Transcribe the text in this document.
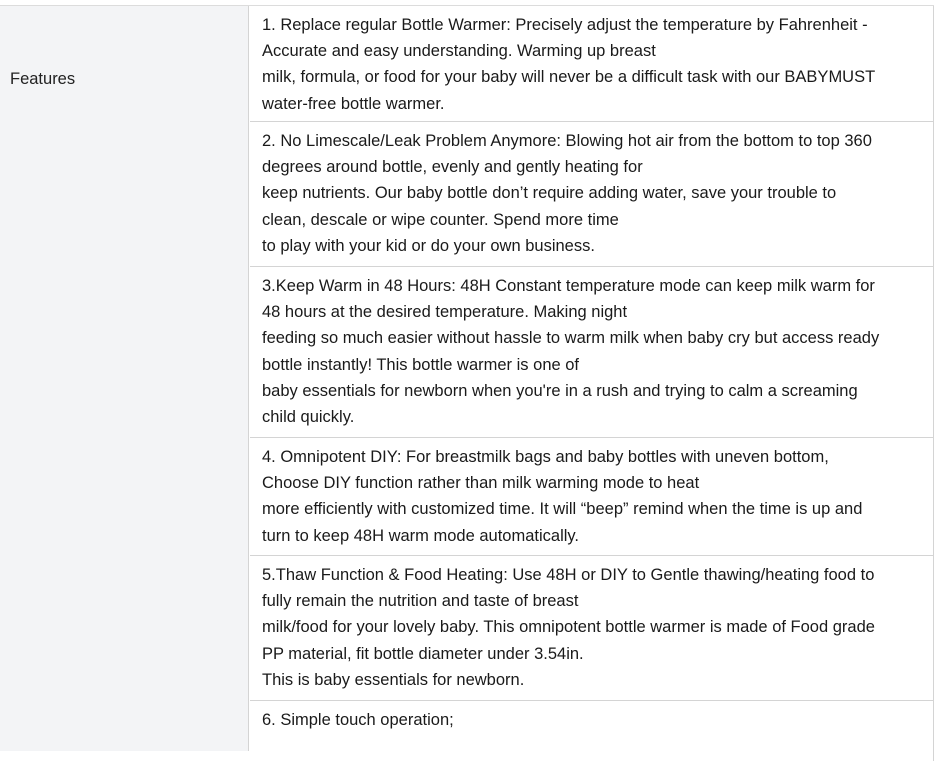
Features
1. Replace regular Bottle Warmer: Precisely adjust the temperature by Fahrenheit -
Accurate and easy understanding. Warming up breast
milk, formula, or food for your baby will never be a difficult task with our BABYMUST
water-free bottle warmer.
2. No Limescale/Leak Problem Anymore: Blowing hot air from the bottom to top 360
degrees around bottle, evenly and gently heating for
keep nutrients. Our baby bottle don’t require adding water, save your trouble to
clean, descale or wipe counter. Spend more time
to play with your kid or do your own business.
3.Keep Warm in 48 Hours: 48H Constant temperature mode can keep milk warm for
48 hours at the desired temperature. Making night
feeding so much easier without hassle to warm milk when baby cry but access ready
bottle instantly! This bottle warmer is one of
baby essentials for newborn when you're in a rush and trying to calm a screaming
child quickly.
4. Omnipotent DIY: For breastmilk bags and baby bottles with uneven bottom,
Choose DIY function rather than milk warming mode to heat
more efficiently with customized time. It will “beep” remind when the time is up and
turn to keep 48H warm mode automatically.
5.Thaw Function & Food Heating: Use 48H or DIY to Gentle thawing/heating food to
fully remain the nutrition and taste of breast
milk/food for your lovely baby. This omnipotent bottle warmer is made of Food grade
PP material, fit bottle diameter under 3.54in.
This is baby essentials for newborn.
6. Simple touch operation;
